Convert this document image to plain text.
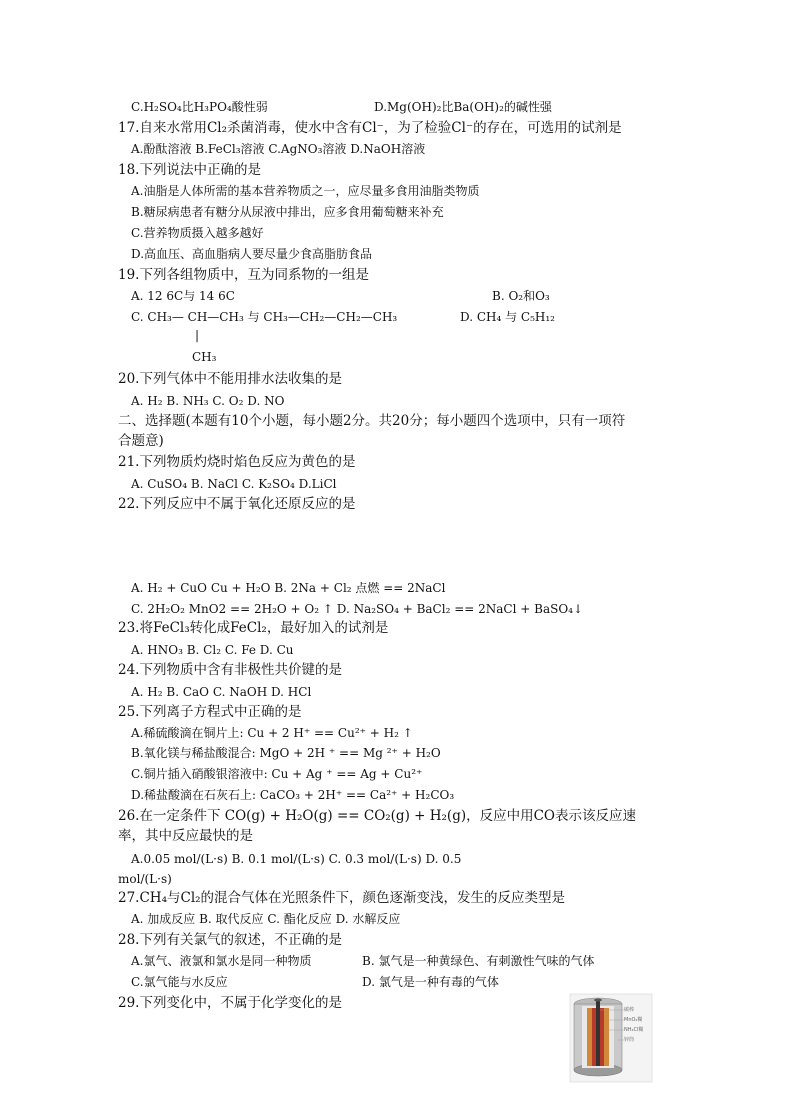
C.H₂SO₄比H₃PO₄酸性弱	D.Mg(OH)₂比Ba(OH)₂的碱性强
17.自来水常用Cl₂杀菌消毒，使水中含有Cl⁻，为了检验Cl⁻的存在，可选用的试剂是
A.酚酞溶液 B.FeCl₃溶液 C.AgNO₃溶液 D.NaOH溶液
18.下列说法中正确的是
A.油脂是人体所需的基本营养物质之一，应尽量多食用油脂类物质
B.糖尿病患者有糖分从尿液中排出，应多食用葡萄糖来补充
C.营养物质摄入越多越好
D.高血压、高血脂病人要尽量少食高脂肪食品
19.下列各组物质中，互为同系物的一组是
A. 12 6C与 14 6C	B. O₂和O₃
C. CH₃— CH—CH₃ 与 CH₃—CH₂—CH₂—CH₃	D. CH₄ 与 C₅H₁₂
|
CH₃
20.下列气体中不能用排水法收集的是
A. H₂ B. NH₃ C. O₂ D. NO
二、选择题(本题有10个小题，每小题2分。共20分；每小题四个选项中，只有一项符
合题意)
21.下列物质灼烧时焰色反应为黄色的是
A. CuSO₄ B. NaCl C. K₂SO₄ D.LiCl
22.下列反应中不属于氧化还原反应的是
A. H₂ + CuO Cu + H₂O B. 2Na + Cl₂ 点燃 == 2NaCl
C. 2H₂O₂ MnO2 == 2H₂O + O₂ ↑ D. Na₂SO₄ + BaCl₂ == 2NaCl + BaSO₄↓
23.将FeCl₃转化成FeCl₂，最好加入的试剂是
A. HNO₃ B. Cl₂ C. Fe D. Cu
24.下列物质中含有非极性共价键的是
A. H₂ B. CaO C. NaOH D. HCl
25.下列离子方程式中正确的是
A.稀硫酸滴在铜片上: Cu + 2 H⁺ == Cu²⁺ + H₂ ↑
B.氧化镁与稀盐酸混合: MgO + 2H ⁺ == Mg ²⁺ + H₂O
C.铜片插入硝酸银溶液中: Cu + Ag ⁺ == Ag + Cu²⁺
D.稀盐酸滴在石灰石上: CaCO₃ + 2H⁺ == Ca²⁺ + H₂CO₃
26.在一定条件下 CO(g) + H₂O(g) == CO₂(g) + H₂(g)，反应中用CO表示该反应速
率，其中反应最快的是
A.0.05 mol/(L·s) B. 0.1 mol/(L·s) C. 0.3 mol/(L·s) D. 0.5
mol/(L·s)
27.CH₄与Cl₂的混合气体在光照条件下，颜色逐渐变浅，发生的反应类型是
A. 加成反应 B. 取代反应 C. 酯化反应 D. 水解反应
28.下列有关氯气的叙述，不正确的是
A.氯气、液氯和氯水是同一种物质	B. 氯气是一种黄绿色、有刺激性气味的气体
C.氯气能与水反应	D. 氯气是一种有毒的气体
29.下列变化中，不属于化学变化的是	碳棒
MnO₂糊
NH₄Cl糊
锌筒
